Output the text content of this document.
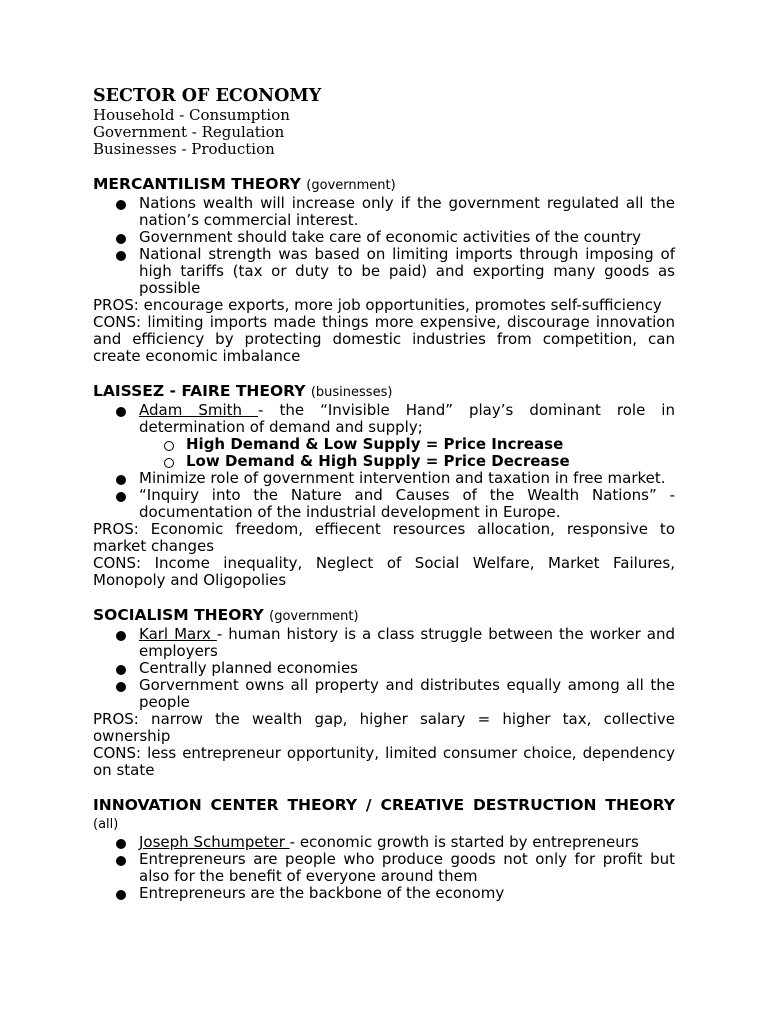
SECTOR OF ECONOMY
Household - Consumption
Government - Regulation
Businesses - Production
MERCANTILISM THEORY (government)
Nations wealth will increase only if the government regulated all the nation’s commercial interest.
Government should take care of economic activities of the country
National strength was based on limiting imports through imposing of high tariffs (tax or duty to be paid) and exporting many goods as possible
PROS: encourage exports, more job opportunities, promotes self-sufficiency
CONS: limiting imports made things more expensive, discourage innovation and efficiency by protecting domestic industries from competition, can create economic imbalance
LAISSEZ - FAIRE THEORY (businesses)
Adam Smith - the “Invisible Hand” play’s dominant role in determination of demand and supply;
High Demand & Low Supply = Price Increase
Low Demand & High Supply = Price Decrease
Minimize role of government intervention and taxation in free market.
“Inquiry into the Nature and Causes of the Wealth Nations” - documentation of the industrial development in Europe.
PROS: Economic freedom, effiecent resources allocation, responsive to market changes
CONS: Income inequality, Neglect of Social Welfare, Market Failures, Monopoly and Oligopolies
SOCIALISM THEORY (government)
Karl Marx - human history is a class struggle between the worker and employers
Centrally planned economies
Gorvernment owns all property and distributes equally among all the people
PROS: narrow the wealth gap, higher salary = higher tax, collective ownership
CONS: less entrepreneur opportunity, limited consumer choice, dependency on state
INNOVATION CENTER THEORY / CREATIVE DESTRUCTION THEORY (all)
Joseph Schumpeter - economic growth is started by entrepreneurs
Entrepreneurs are people who produce goods not only for profit but also for the benefit of everyone around them
Entrepreneurs are the backbone of the economy
